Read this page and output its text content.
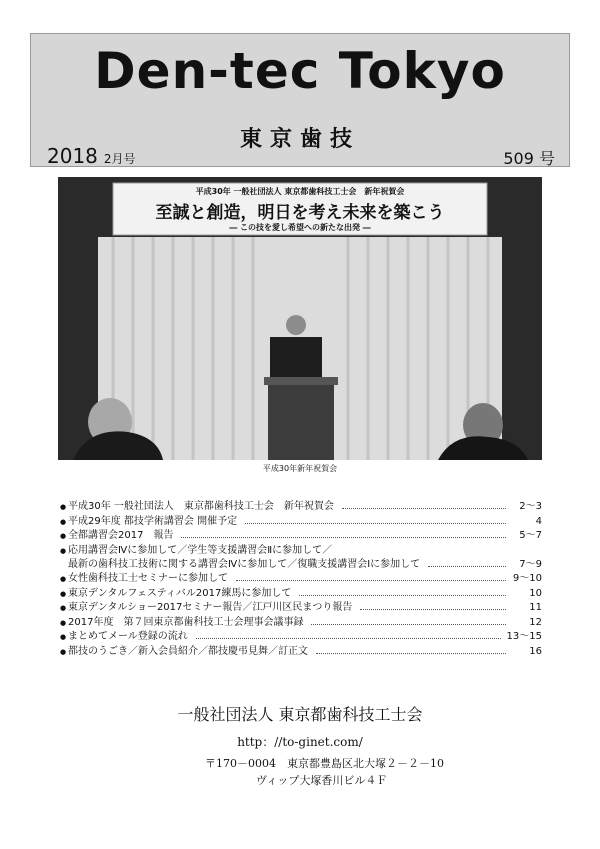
Den-tec Tokyo
東京歯技
2018 2月号	509 号
平成30年 一般社団法人 東京都歯科技工士会　新年祝賀会
至誠と創造，明日を考え未来を築こう
― この技を愛し希望への新たな出発 ―
平成30年新年祝賀会
● 平成30年 一般社団法人　東京都歯科技工士会　新年祝賀会	2～3
● 平成29年度 都技学術講習会 開催予定	4
● 全都講習会2017　報告	5～7
● 応用講習会Ⅳに参加して／学生等支援講習会Ⅱに参加して／
最新の歯科技工技術に関する講習会Ⅳに参加して／復職支援講習会Ⅰに参加して	7～9
● 女性歯科技工士セミナーに参加して	9～10
● 東京デンタルフェスティバル2017練馬に参加して	10
● 東京デンタルショー2017セミナー報告／江戸川区民まつり報告	11
● 2017年度　第７回東京都歯科技工士会理事会議事録	12
● まとめてメール登録の流れ	13～15
● 都技のうごき／新入会員紹介／都技慶弔見舞／訂正文	16
一般社団法人 東京都歯科技工士会
http：//to-ginet.com/
〒170－0004　東京都豊島区北大塚２－２－10
ヴィップ大塚香川ビル４Ｆ
